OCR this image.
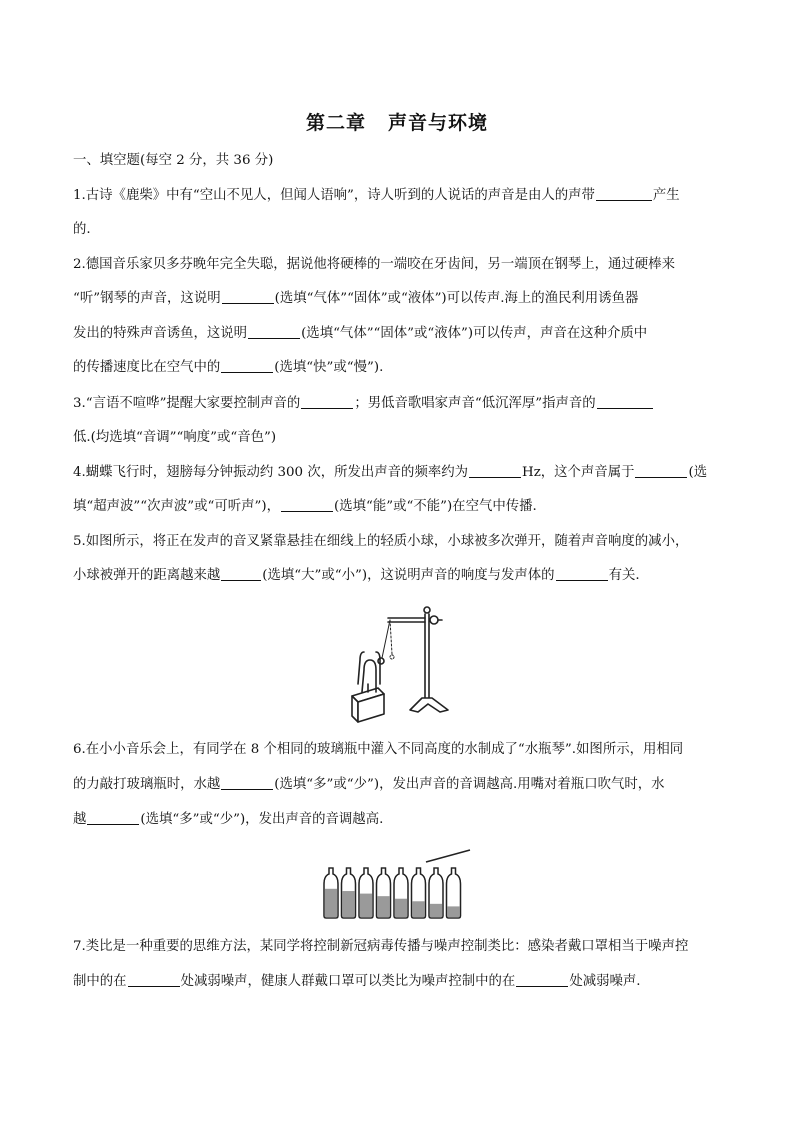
第二章 声音与环境
一、填空题(每空 2 分，共 36 分)
1.古诗《鹿柴》中有“空山不见人，但闻人语响”，诗人听到的人说话的声音是由人的声带	产生
的.
2.德国音乐家贝多芬晚年完全失聪，据说他将硬棒的一端咬在牙齿间，另一端顶在钢琴上，通过硬棒来
“听”钢琴的声音，这说明	(选填“气体”“固体”或“液体”)可以传声.海上的渔民利用诱鱼器
发出的特殊声音诱鱼，这说明	(选填“气体”“固体”或“液体”)可以传声，声音在这种介质中
的传播速度比在空气中的	(选填“快”或“慢”).
3.“言语不喧哗”提醒大家要控制声音的	；男低音歌唱家声音“低沉浑厚”指声音的
低.(均选填“音调”“响度”或“音色”)
4.蝴蝶飞行时，翅膀每分钟振动约 300 次，所发出声音的频率约为	Hz，这个声音属于	(选
填“超声波”“次声波”或“可听声”)，	(选填“能”或“不能”)在空气中传播.
5.如图所示，将正在发声的音叉紧靠悬挂在细线上的轻质小球，小球被多次弹开，随着声音响度的减小，
小球被弹开的距离越来越	(选填“大”或“小”)，这说明声音的响度与发声体的	有关.
6.在小小音乐会上，有同学在 8 个相同的玻璃瓶中灌入不同高度的水制成了“水瓶琴”.如图所示，用相同
的力敲打玻璃瓶时，水越	(选填“多”或“少”)，发出声音的音调越高.用嘴对着瓶口吹气时，水
越	(选填“多”或“少”)，发出声音的音调越高.
7.类比是一种重要的思维方法，某同学将控制新冠病毒传播与噪声控制类比：感染者戴口罩相当于噪声控
制中的在	处减弱噪声，健康人群戴口罩可以类比为噪声控制中的在	处减弱噪声.
